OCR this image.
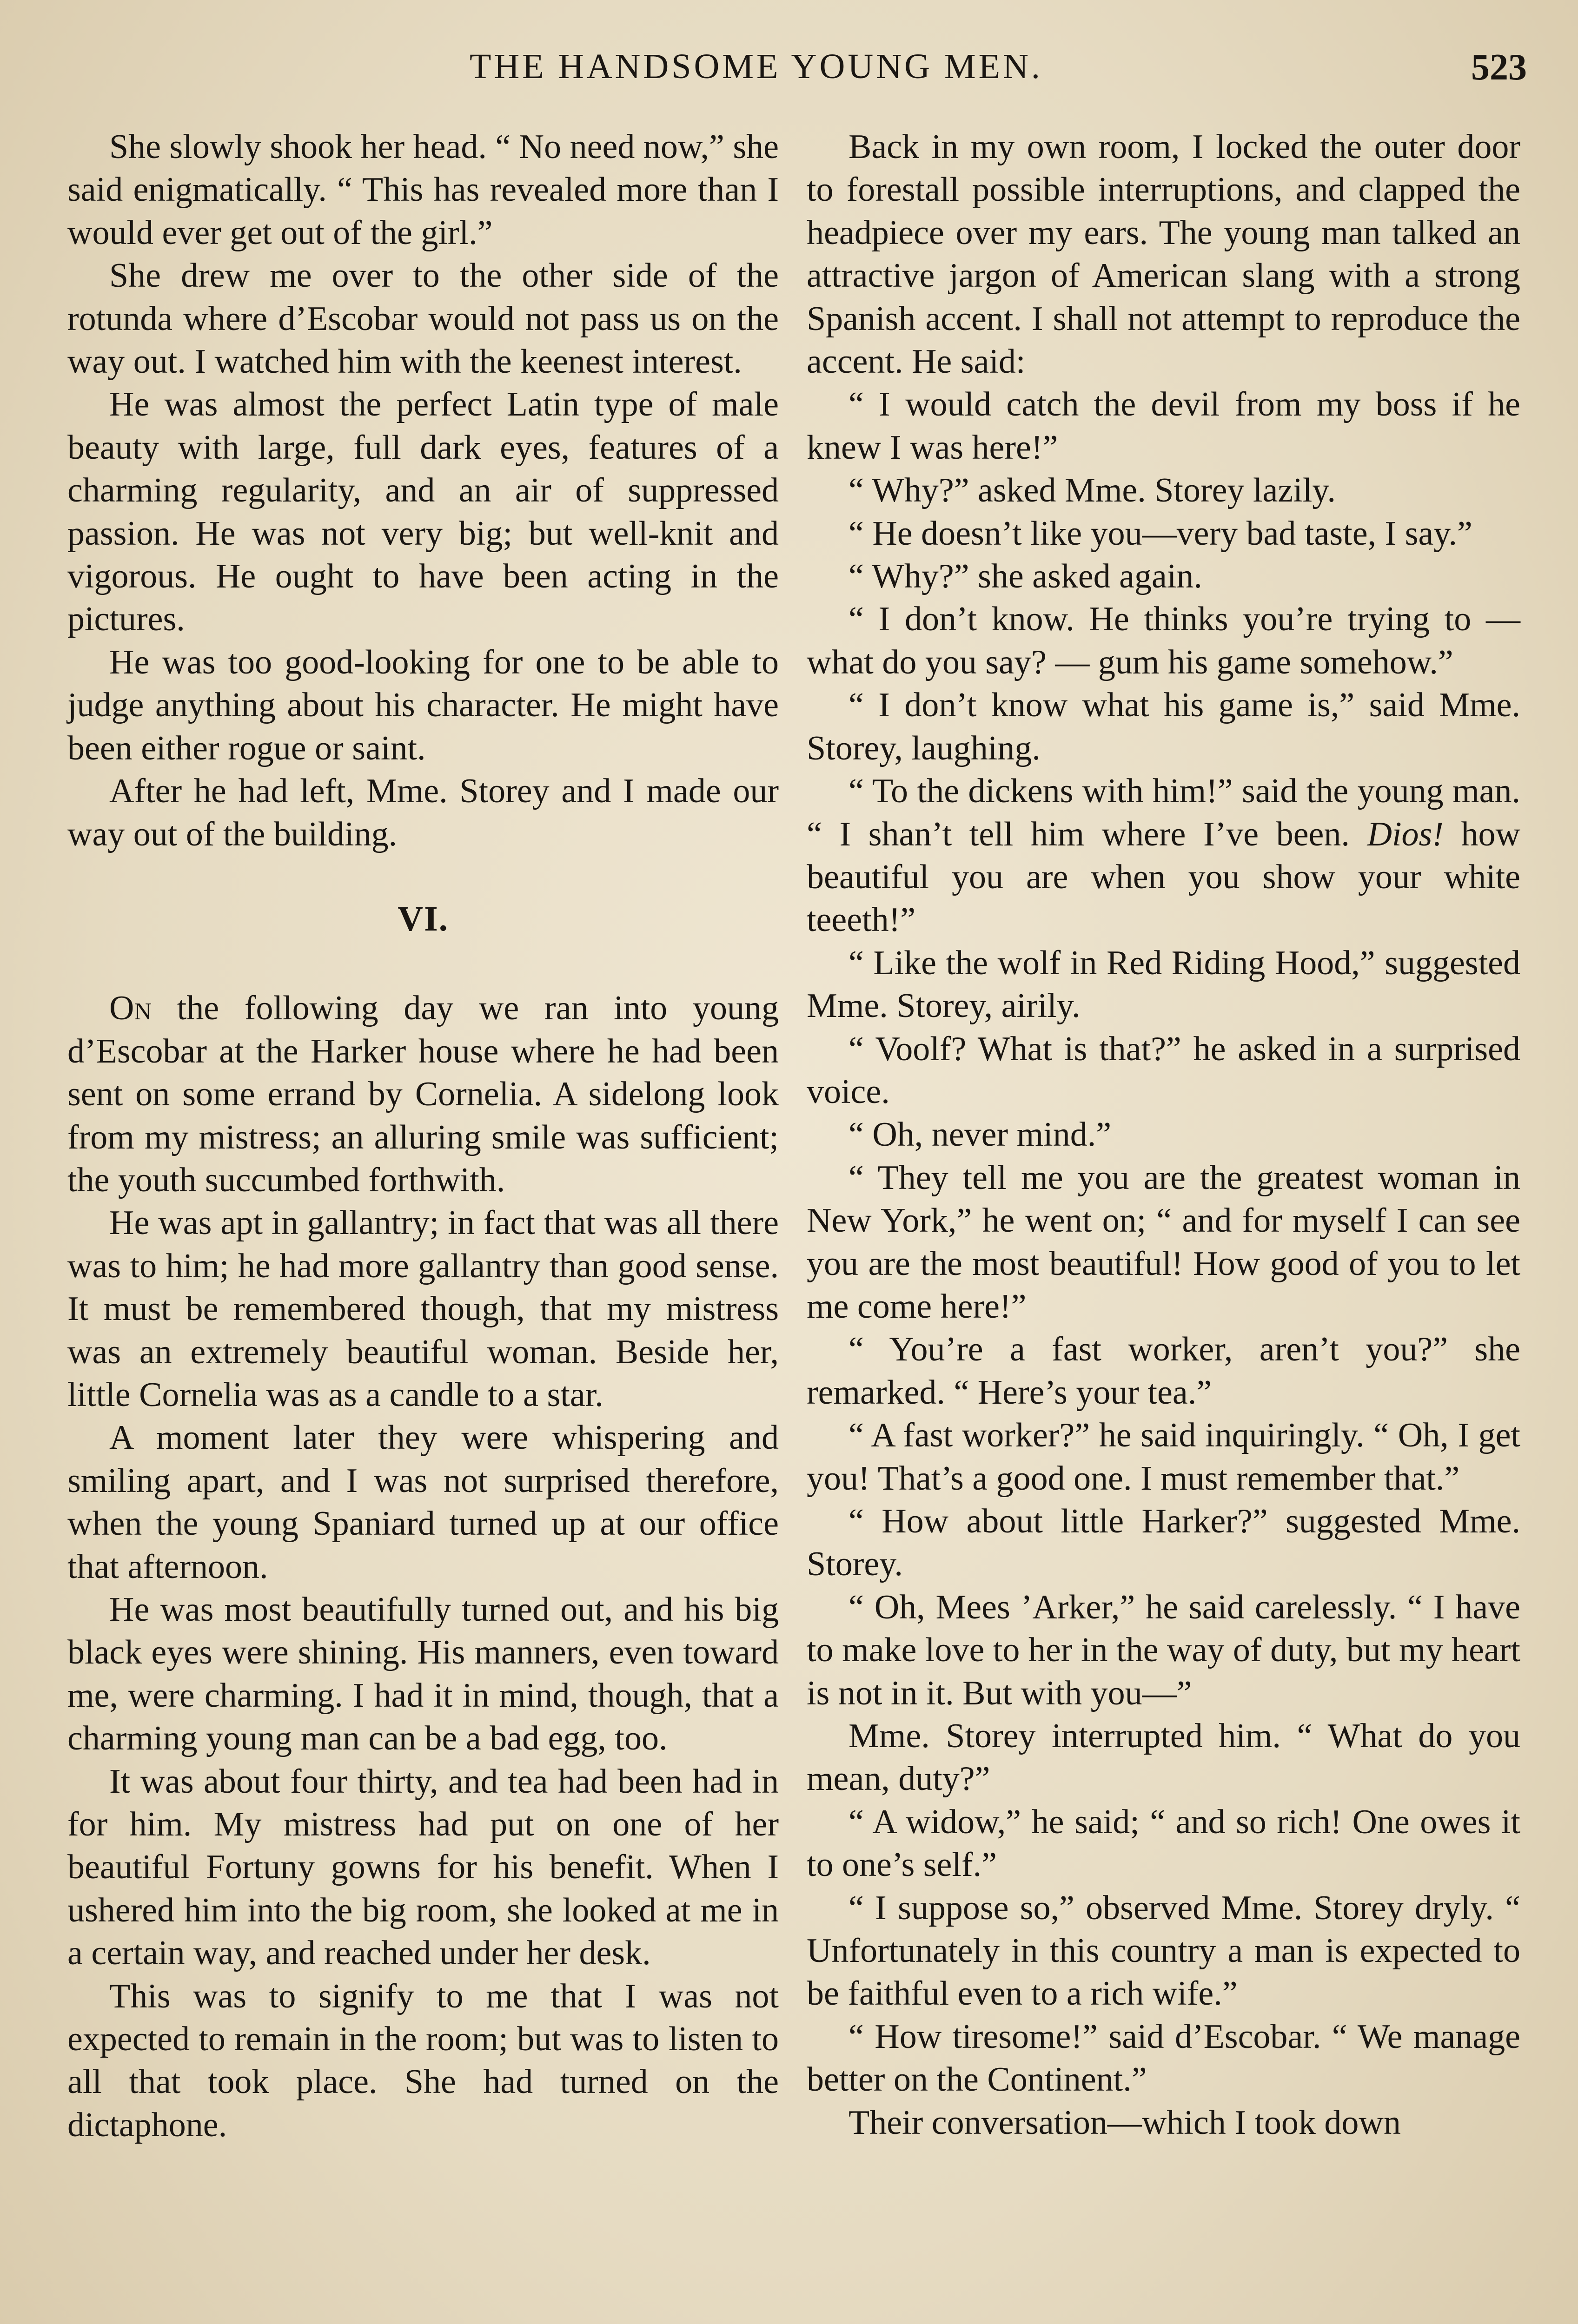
THE HANDSOME YOUNG MEN.	523

She slowly shook her head. “ No need now,” she said enigmatically. “ This has revealed more than I would ever get out of the girl.”

She drew me over to the other side of the rotunda where d’Escobar would not pass us on the way out. I watched him with the keenest interest.

He was almost the perfect Latin type of male beauty with large, full dark eyes, features of a charming regularity, and an air of suppressed passion. He was not very big; but well-knit and vigorous. He ought to have been acting in the pictures.

He was too good-looking for one to be able to judge anything about his character. He might have been either rogue or saint.

After he had left, Mme. Storey and I made our way out of the building.

VI.

On the following day we ran into young d’Escobar at the Harker house where he had been sent on some errand by Cornelia. A sidelong look from my mistress; an alluring smile was sufficient; the youth succumbed forthwith.

He was apt in gallantry; in fact that was all there was to him; he had more gallantry than good sense. It must be remembered though, that my mistress was an extremely beautiful woman. Beside her, little Cornelia was as a candle to a star.

A moment later they were whispering and smiling apart, and I was not surprised therefore, when the young Spaniard turned up at our office that afternoon.

He was most beautifully turned out, and his big black eyes were shining. His manners, even toward me, were charming. I had it in mind, though, that a charming young man can be a bad egg, too.

It was about four thirty, and tea had been had in for him. My mistress had put on one of her beautiful Fortuny gowns for his benefit. When I ushered him into the big room, she looked at me in a certain way, and reached under her desk.

This was to signify to me that I was not expected to remain in the room; but was to listen to all that took place. She had turned on the dictaphone.

Back in my own room, I locked the outer door to forestall possible interruptions, and clapped the headpiece over my ears. The young man talked an attractive jargon of American slang with a strong Spanish accent. I shall not attempt to reproduce the accent. He said:

“ I would catch the devil from my boss if he knew I was here!”

“ Why?” asked Mme. Storey lazily.

“ He doesn’t like you—very bad taste, I say.”

“ Why?” she asked again.

“ I don’t know. He thinks you’re trying to — what do you say? — gum his game somehow.”

“ I don’t know what his game is,” said Mme. Storey, laughing.

“ To the dickens with him!” said the young man. “ I shan’t tell him where I’ve been. Dios! how beautiful you are when you show your white teeeth!”

“ Like the wolf in Red Riding Hood,” suggested Mme. Storey, airily.

“ Voolf? What is that?” he asked in a surprised voice.

“ Oh, never mind.”

“ They tell me you are the greatest woman in New York,” he went on; “ and for myself I can see you are the most beautiful! How good of you to let me come here!”

“ You’re a fast worker, aren’t you?” she remarked. “ Here’s your tea.”

“ A fast worker?” he said inquiringly. “ Oh, I get you! That’s a good one. I must remember that.”

“ How about little Harker?” suggested Mme. Storey.

“ Oh, Mees ’Arker,” he said carelessly. “ I have to make love to her in the way of duty, but my heart is not in it. But with you—”

Mme. Storey interrupted him. “ What do you mean, duty?”

“ A widow,” he said; “ and so rich! One owes it to one’s self.”

“ I suppose so,” observed Mme. Storey dryly. “ Unfortunately in this country a man is expected to be faithful even to a rich wife.”

“ How tiresome!” said d’Escobar. “ We manage better on the Continent.”

Their conversation—which I took down
